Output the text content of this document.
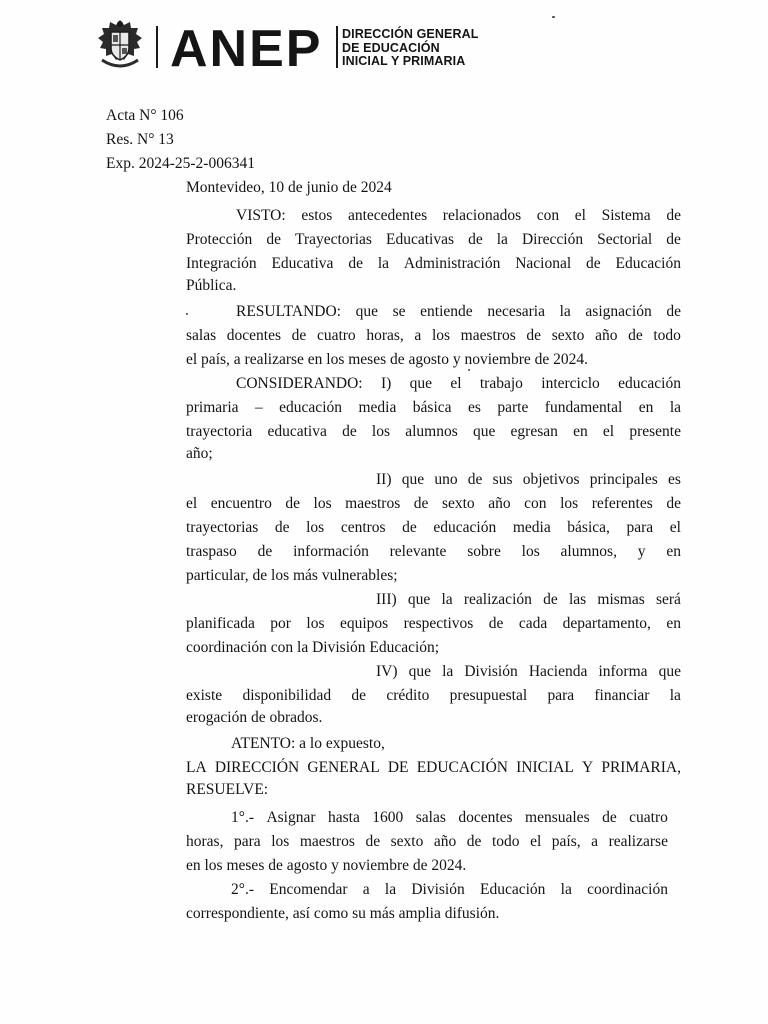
ANEP DIRECCIÓN GENERAL
DE EDUCACIÓN
INICIAL Y PRIMARIA
Acta N° 106
Res. N° 13
Exp. 2024-25-2-006341
Montevideo, 10 de junio de 2024
VISTO: estos antecedentes relacionados con el Sistema de
Protección de Trayectorias Educativas de la Dirección Sectorial de
Integración Educativa de la Administración Nacional de Educación
Pública.
RESULTANDO: que se entiende necesaria la asignación de
salas docentes de cuatro horas, a los maestros de sexto año de todo
el país, a realizarse en los meses de agosto y noviembre de 2024.
CONSIDERANDO: I) que el trabajo interciclo educación
primaria – educación media básica es parte fundamental en la
trayectoria educativa de los alumnos que egresan en el presente
año;
II) que uno de sus objetivos principales es
el encuentro de los maestros de sexto año con los referentes de
trayectorias de los centros de educación media básica, para el
traspaso de información relevante sobre los alumnos, y en
particular, de los más vulnerables;
III) que la realización de las mismas será
planificada por los equipos respectivos de cada departamento, en
coordinación con la División Educación;
IV) que la División Hacienda informa que
existe disponibilidad de crédito presupuestal para financiar la
erogación de obrados.
ATENTO: a lo expuesto,
LA DIRECCIÓN GENERAL DE EDUCACIÓN INICIAL Y PRIMARIA,
RESUELVE:
1°.- Asignar hasta 1600 salas docentes mensuales de cuatro
horas, para los maestros de sexto año de todo el país, a realizarse
en los meses de agosto y noviembre de 2024.
2°.- Encomendar a la División Educación la coordinación
correspondiente, así como su más amplia difusión.
